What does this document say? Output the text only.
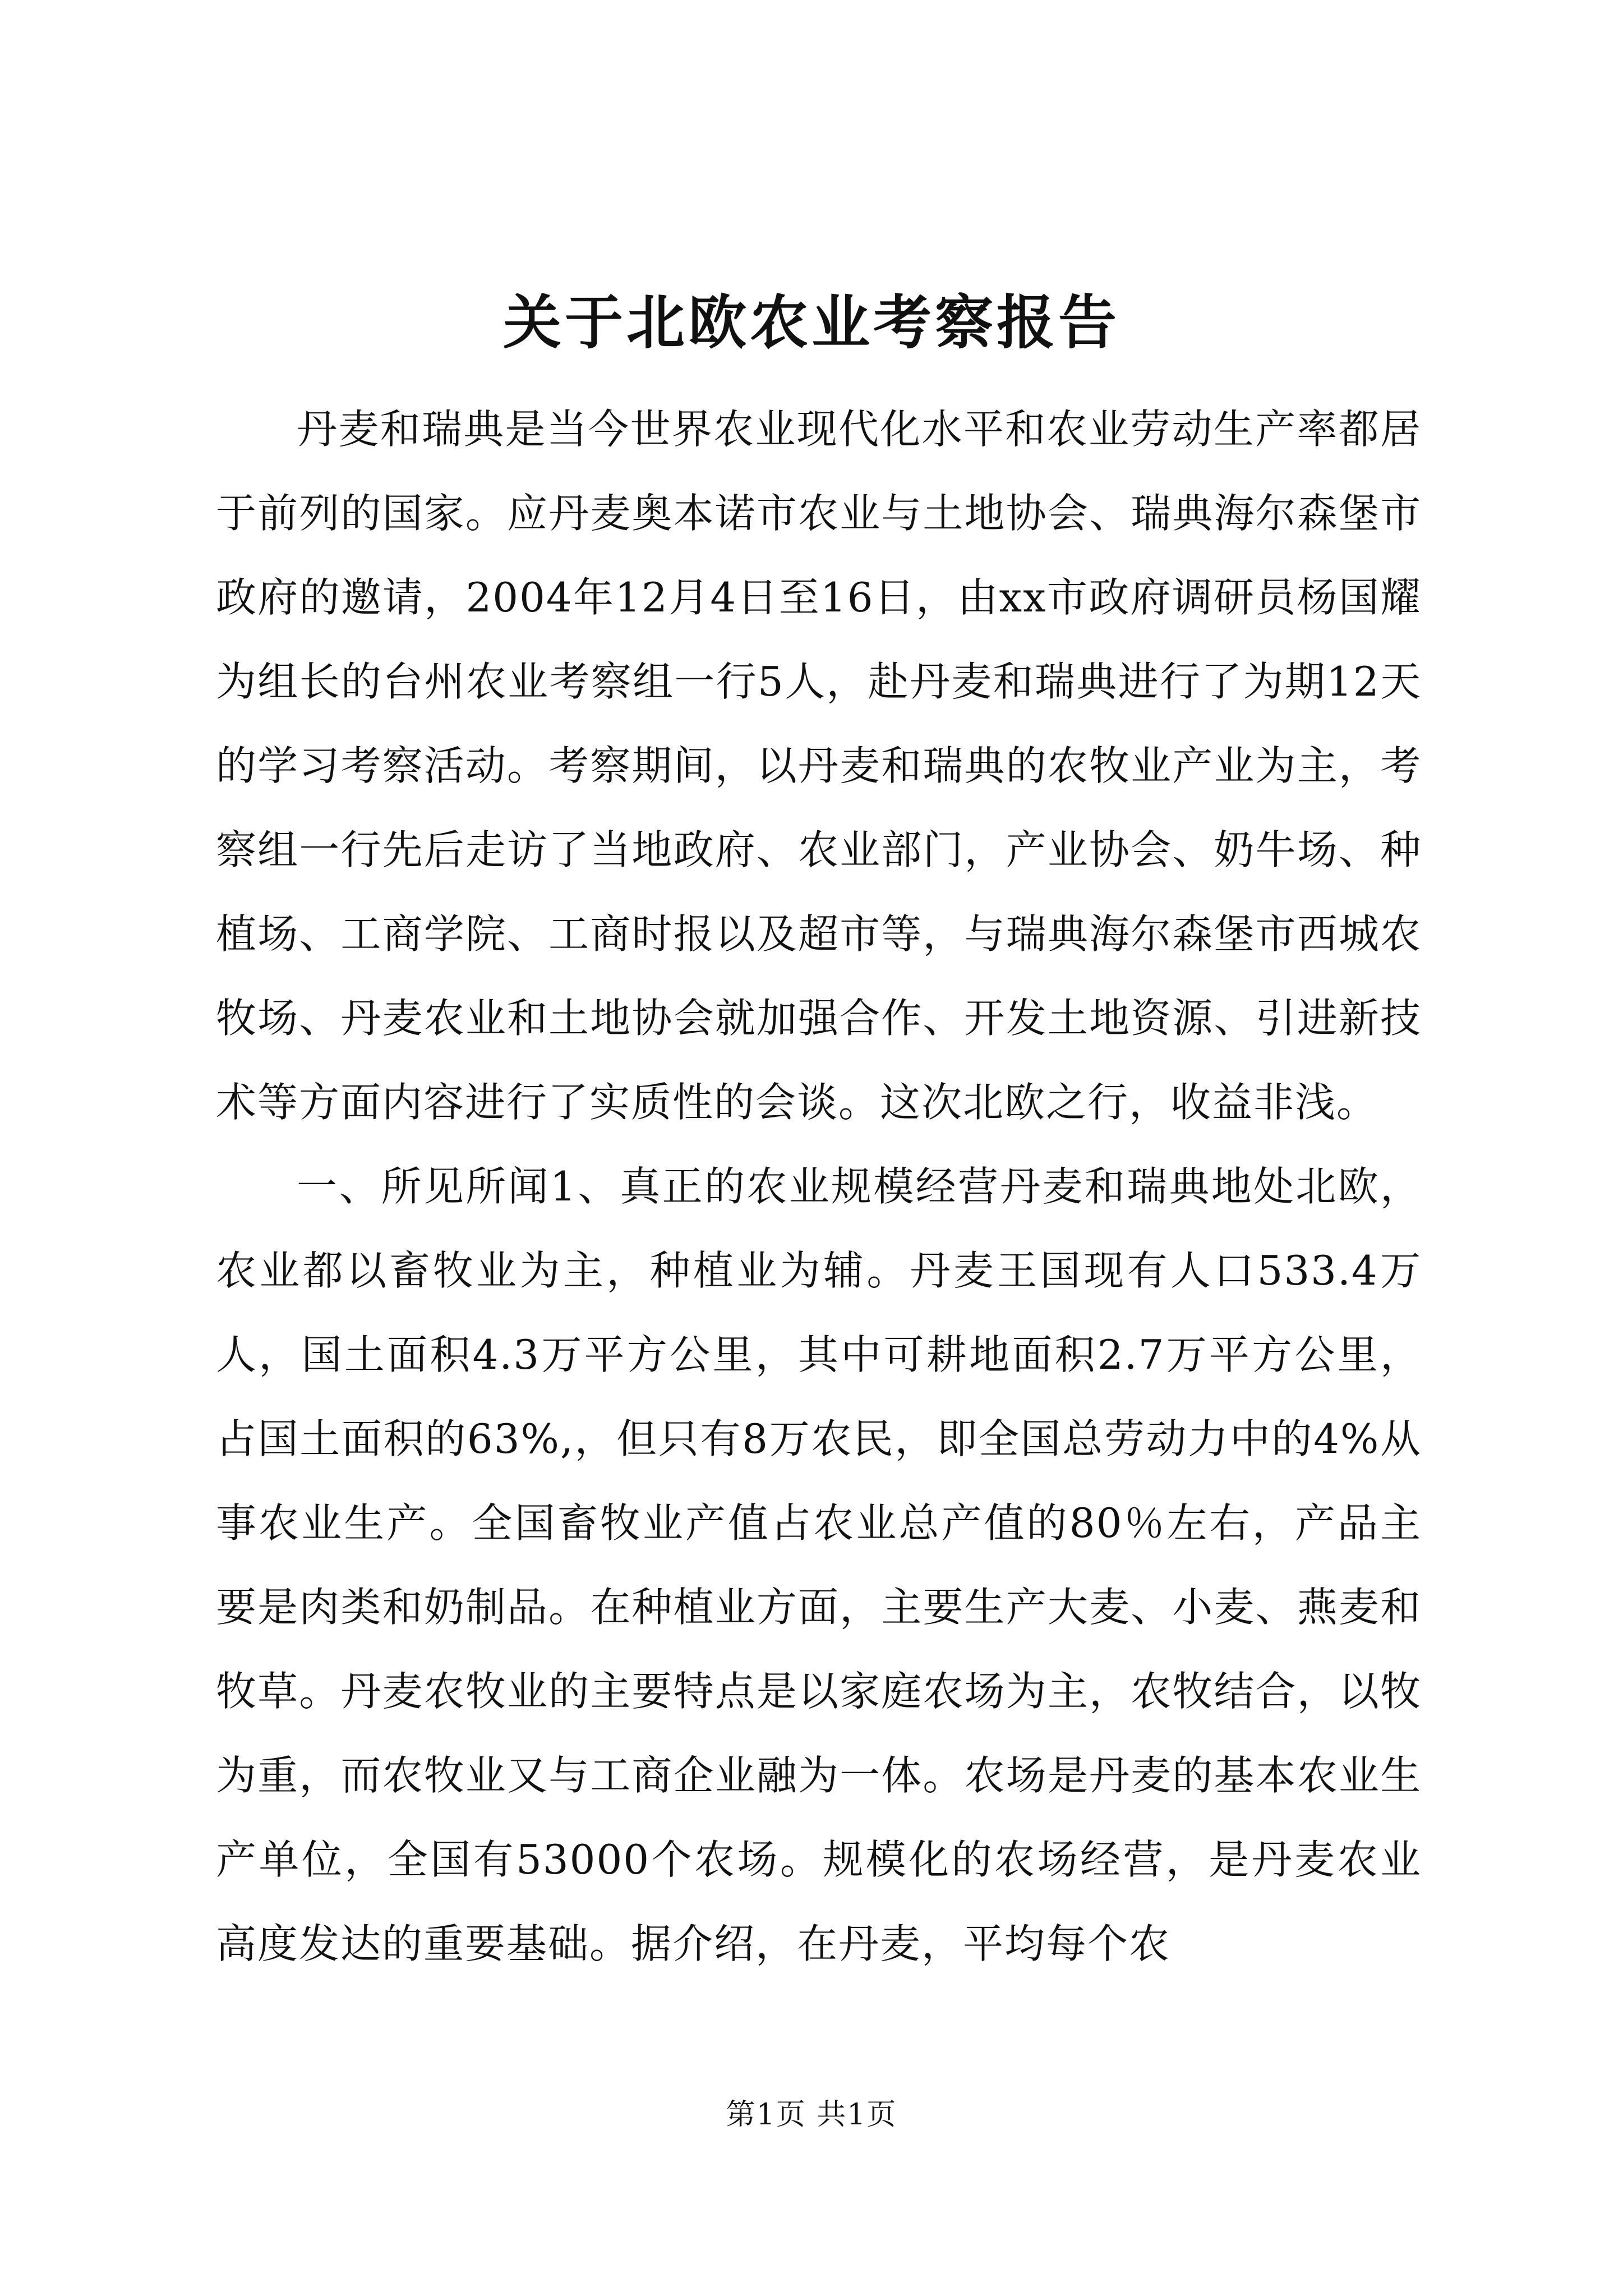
关于北欧农业考察报告

丹麦和瑞典是当今世界农业现代化水平和农业劳动生产率都居于前列的国家。应丹麦奥本诺市农业与土地协会、瑞典海尔森堡市政府的邀请，2004年12月4日至16日，由xx市政府调研员杨国耀为组长的台州农业考察组一行5人，赴丹麦和瑞典进行了为期12天的学习考察活动。考察期间，以丹麦和瑞典的农牧业产业为主，考察组一行先后走访了当地政府、农业部门，产业协会、奶牛场、种植场、工商学院、工商时报以及超市等，与瑞典海尔森堡市西城农牧场、丹麦农业和土地协会就加强合作、开发土地资源、引进新技术等方面内容进行了实质性的会谈。这次北欧之行，收益非浅。

一、所见所闻1、真正的农业规模经营丹麦和瑞典地处北欧，农业都以畜牧业为主，种植业为辅。丹麦王国现有人口533.4万人，国土面积4.3万平方公里，其中可耕地面积2.7万平方公里，占国土面积的63%,，但只有8万农民，即全国总劳动力中的4%从事农业生产。全国畜牧业产值占农业总产值的80％左右，产品主要是肉类和奶制品。在种植业方面，主要生产大麦、小麦、燕麦和牧草。丹麦农牧业的主要特点是以家庭农场为主，农牧结合，以牧为重，而农牧业又与工商企业融为一体。农场是丹麦的基本农业生产单位，全国有53000个农场。规模化的农场经营，是丹麦农业高度发达的重要基础。据介绍，在丹麦，平均每个农

第1页 共1页
